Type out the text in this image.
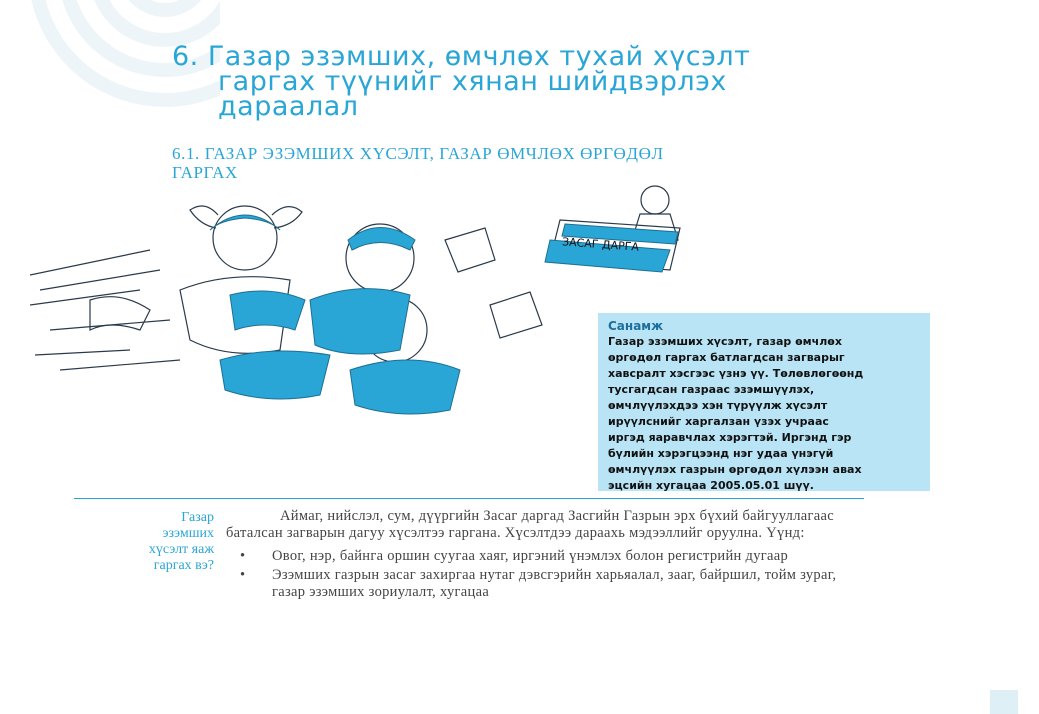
6. Газар эзэмших, өмчлөх тухай хүсэлт
гаргах түүнийг хянан шийдвэрлэх
дараалал
6.1. ГАЗАР ЭЗЭМШИХ ХҮСЭЛТ, ГАЗАР ӨМЧЛӨХ ӨРГӨДӨЛ
ГАРГАХ
ЗАСАГ ДАРГА
Санамж
Газар эзэмших хүсэлт, газар өмчлөх
өргөдөл гаргах батлагдсан загварыг
хавсралт хэсгээс үзнэ үү. Төлөвлөгөөнд
тусгагдсан газраас эзэмшүүлэх,
өмчлүүлэхдээ хэн түрүүлж хүсэлт
ирүүлснийг харгалзан үзэх учраас
иргэд яаравчлах хэрэгтэй. Иргэнд гэр
бүлийн хэрэгцээнд нэг удаа үнэгүй
өмчлүүлэх газрын өргөдөл хүлээн авах
эцсийн хугацаа 2005.05.01 шүү.
Газар
эзэмших
хүсэлт яаж
гаргах вэ?

Аймаг, нийслэл, сум, дүүргийн Засаг даргад Засгийн Газрын эрх бүхий байгууллагаас баталсан загварын дагуу хүсэлтээ гаргана. Хүсэлтдээ дараахь мэдээллийг оруулна. Үүнд:

• Овог, нэр, байнга оршин суугаа хаяг, иргэний үнэмлэх болон регистрийн дугаар
• Эзэмших газрын засаг захиргаа нутаг дэвсгэрийн харьяалал, зааг, байршил, тойм зураг, газар эзэмших зориулалт, хугацаа
